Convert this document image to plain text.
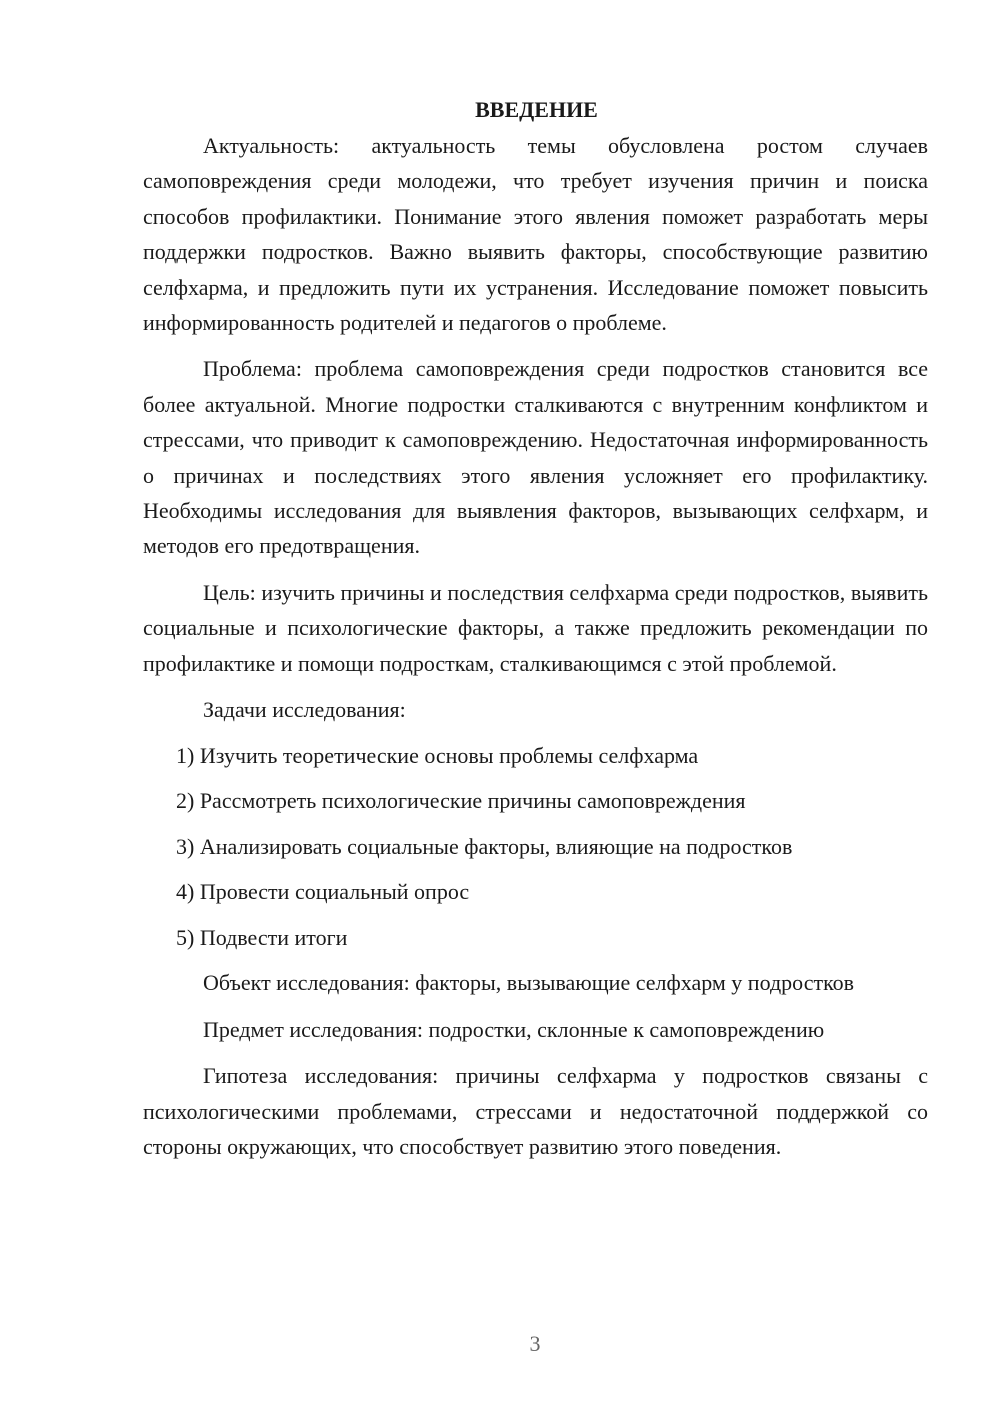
ВВЕДЕНИЕ

Актуальность: актуальность темы обусловлена ростом случаев самоповреждения среди молодежи, что требует изучения причин и поиска способов профилактики. Понимание этого явления поможет разработать меры поддержки подростков. Важно выявить факторы, способствующие развитию селфхарма, и предложить пути их устранения. Исследование поможет повысить информированность родителей и педагогов о проблеме.

Проблема: проблема самоповреждения среди подростков становится все более актуальной. Многие подростки сталкиваются с внутренним конфликтом и стрессами, что приводит к самоповреждению. Недостаточная информированность о причинах и последствиях этого явления усложняет его профилактику. Необходимы исследования для выявления факторов, вызывающих селфхарм, и методов его предотвращения.

Цель: изучить причины и последствия селфхарма среди подростков, выявить социальные и психологические факторы, а также предложить рекомендации по профилактике и помощи подросткам, сталкивающимся с этой проблемой.

Задачи исследования:

1) Изучить теоретические основы проблемы селфхарма
2) Рассмотреть психологические причины самоповреждения
3) Анализировать социальные факторы, влияющие на подростков
4) Провести социальный опрос
5) Подвести итоги

Объект исследования: факторы, вызывающие селфхарм у подростков

Предмет исследования: подростки, склонные к самоповреждению

Гипотеза исследования: причины селфхарма у подростков связаны с психологическими проблемами, стрессами и недостаточной поддержкой со стороны окружающих, что способствует развитию этого поведения.

3
